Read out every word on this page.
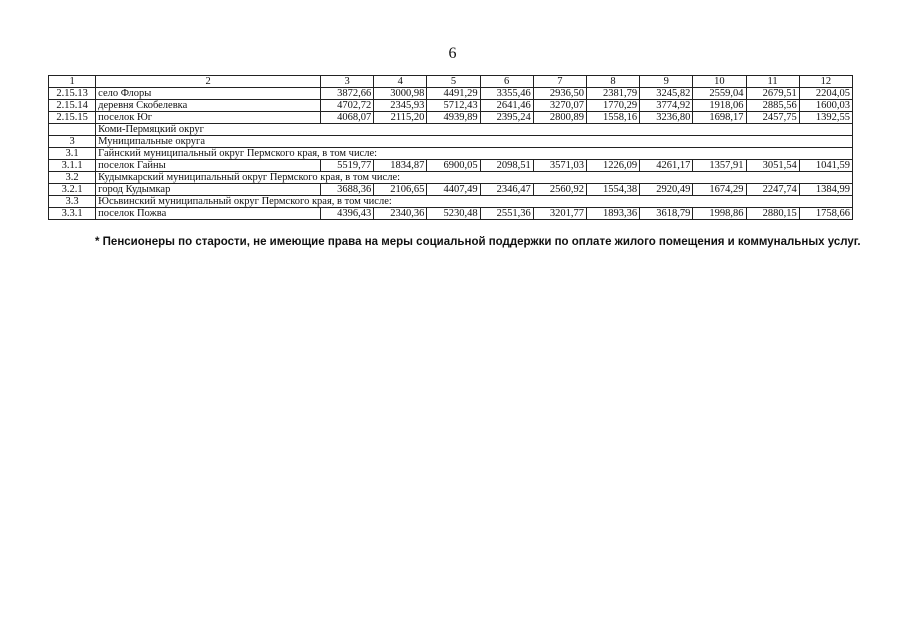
6
1	2	3	4	5	6	7	8	9	10	11	12
2.15.13	село Флоры	3872,66	3000,98	4491,29	3355,46	2936,50	2381,79	3245,82	2559,04	2679,51	2204,05
2.15.14	деревня Скобелевка	4702,72	2345,93	5712,43	2641,46	3270,07	1770,29	3774,92	1918,06	2885,56	1600,03
2.15.15	поселок Юг	4068,07	2115,20	4939,89	2395,24	2800,89	1558,16	3236,80	1698,17	2457,75	1392,55
	Коми-Пермяцкий округ										
3	Муниципальные округа										
3.1	Гайнский муниципальный округ Пермского края, в том числе:										
3.1.1	поселок Гайны	5519,77	1834,87	6900,05	2098,51	3571,03	1226,09	4261,17	1357,91	3051,54	1041,59
3.2	Кудымкарский муниципальный округ Пермского края, в том числе:										
3.2.1	город Кудымкар	3688,36	2106,65	4407,49	2346,47	2560,92	1554,38	2920,49	1674,29	2247,74	1384,99
3.3	Юсьвинский муниципальный округ Пермского края, в том числе:										
3.3.1	поселок Пожва	4396,43	2340,36	5230,48	2551,36	3201,77	1893,36	3618,79	1998,86	2880,15	1758,66
* Пенсионеры по старости, не имеющие права на меры социальной поддержки по оплате жилого помещения и коммунальных услуг.
